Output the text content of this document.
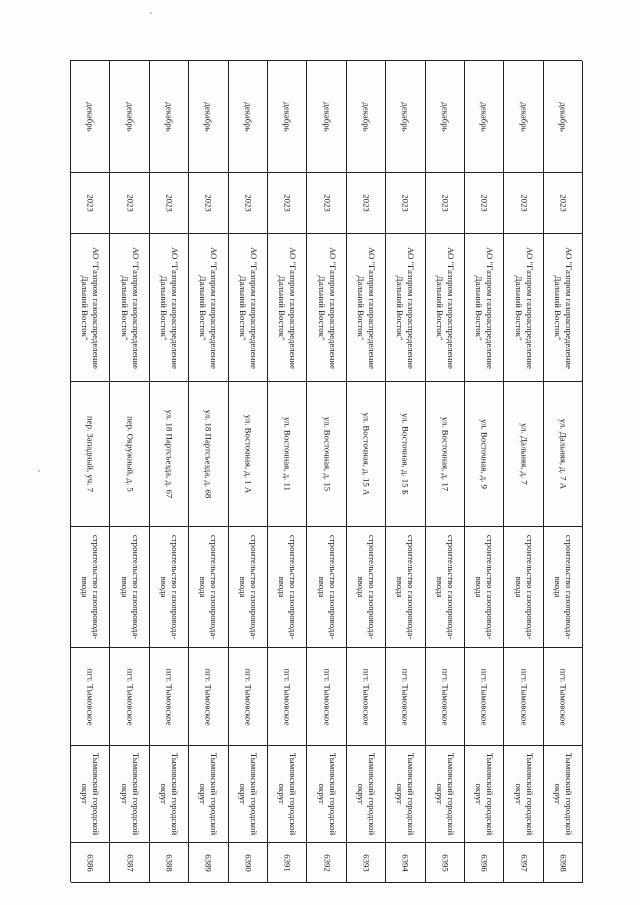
декабрь
2023
АО "Газпром газораспределение Дальний Восток"
пер. Западный, уч. 7
строительство газопровода-ввода
пгт. Тымовское
Тымовский городской округ
6386
декабрь
2023
АО "Газпром газораспределение Дальний Восток"
пер. Окружный, д. 5
строительство газопровода-ввода
пгт. Тымовское
Тымовский городской округ
6387
декабрь
2023
АО "Газпром газораспределение Дальний Восток"
ул. 18 Партсъезда, д. 67
строительство газопровода-ввода
пгт. Тымовское
Тымовский городской округ
6388
декабрь
2023
АО "Газпром газораспределение Дальний Восток"
ул. 18 Партсъезда, д. 68
строительство газопровода-ввода
пгт. Тымовское
Тымовский городской округ
6389
декабрь
2023
АО "Газпром газораспределение Дальний Восток"
ул. Восточная, д. 1 А
строительство газопровода-ввода
пгт. Тымовское
Тымовский городской округ
6390
декабрь
2023
АО "Газпром газораспределение Дальний Восток"
ул. Восточная, д. 11
строительство газопровода-ввода
пгт. Тымовское
Тымовский городской округ
6391
декабрь
2023
АО "Газпром газораспределение Дальний Восток"
ул. Восточная, д. 15
строительство газопровода-ввода
пгт. Тымовское
Тымовский городской округ
6392
декабрь
2023
АО "Газпром газораспределение Дальний Восток"
ул. Восточная, д. 15 А
строительство газопровода-ввода
пгт. Тымовское
Тымовский городской округ
6393
декабрь
2023
АО "Газпром газораспределение Дальний Восток"
ул. Восточная, д. 15 Б
строительство газопровода-ввода
пгт. Тымовское
Тымовский городской округ
6394
декабрь
2023
АО "Газпром газораспределение Дальний Восток"
ул. Восточная, д. 17
строительство газопровода-ввода
пгт. Тымовское
Тымовский городской округ
6395
декабрь
2023
АО "Газпром газораспределение Дальний Восток"
ул. Восточная, д. 9
строительство газопровода-ввода
пгт. Тымовское
Тымовский городской округ
6396
декабрь
2023
АО "Газпром газораспределение Дальний Восток"
ул. Дальняя, д. 7
строительство газопровода-ввода
пгт. Тымовское
Тымовский городской округ
6397
декабрь
2023
АО "Газпром газораспределение Дальний Восток"
ул. Дальняя, д. 7 А
строительство газопровода-ввода
пгт. Тымовское
Тымовский городской округ
6398
